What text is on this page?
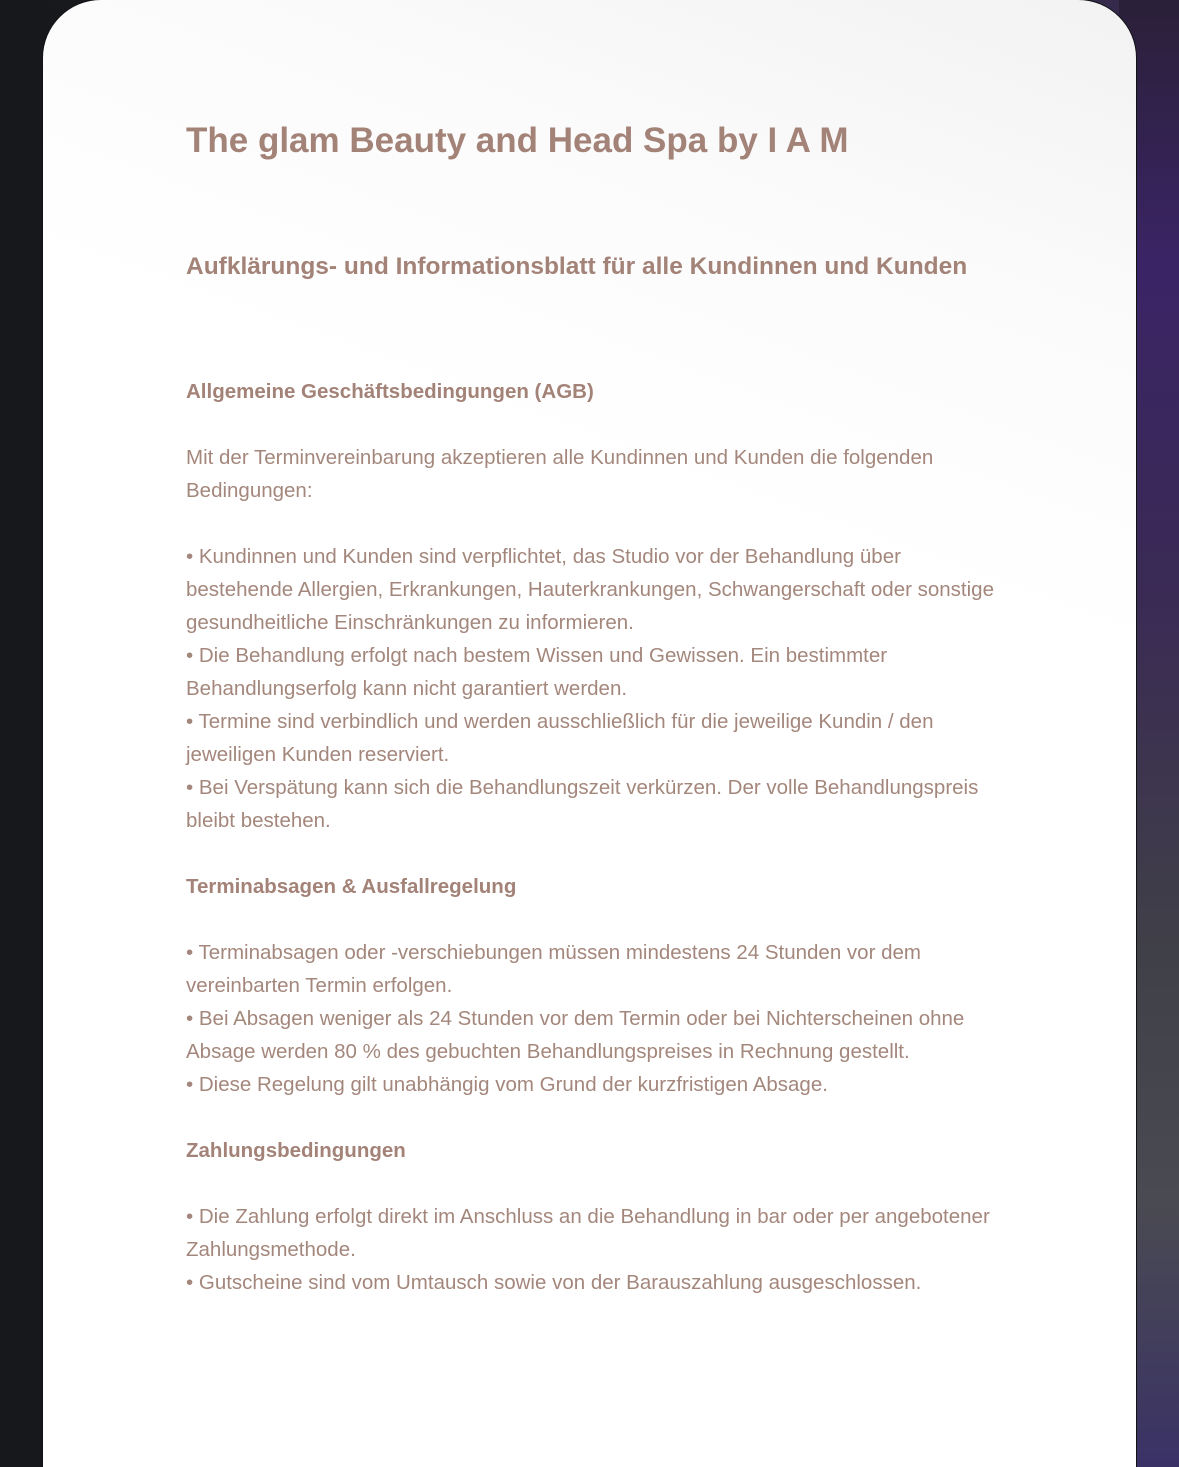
The glam Beauty and Head Spa by I A M
Aufklärungs- und Informationsblatt für alle Kundinnen und Kunden
Allgemeine Geschäftsbedingungen (AGB)

Mit der Terminvereinbarung akzeptieren alle Kundinnen und Kunden die folgenden Bedingungen:

• Kundinnen und Kunden sind verpflichtet, das Studio vor der Behandlung über bestehende Allergien, Erkrankungen, Hauterkrankungen, Schwangerschaft oder sonstige gesundheitliche Einschränkungen zu informieren.

• Die Behandlung erfolgt nach bestem Wissen und Gewissen. Ein bestimmter Behandlungserfolg kann nicht garantiert werden.

• Termine sind verbindlich und werden ausschließlich für die jeweilige Kundin / den jeweiligen Kunden reserviert.

• Bei Verspätung kann sich die Behandlungszeit verkürzen. Der volle Behandlungspreis bleibt bestehen.

Terminabsagen & Ausfallregelung

• Terminabsagen oder -verschiebungen müssen mindestens 24 Stunden vor dem vereinbarten Termin erfolgen.

• Bei Absagen weniger als 24 Stunden vor dem Termin oder bei Nichterscheinen ohne Absage werden 80 % des gebuchten Behandlungspreises in Rechnung gestellt.

• Diese Regelung gilt unabhängig vom Grund der kurzfristigen Absage.

Zahlungsbedingungen

• Die Zahlung erfolgt direkt im Anschluss an die Behandlung in bar oder per angebotener Zahlungsmethode.

• Gutscheine sind vom Umtausch sowie von der Barauszahlung ausgeschlossen.
